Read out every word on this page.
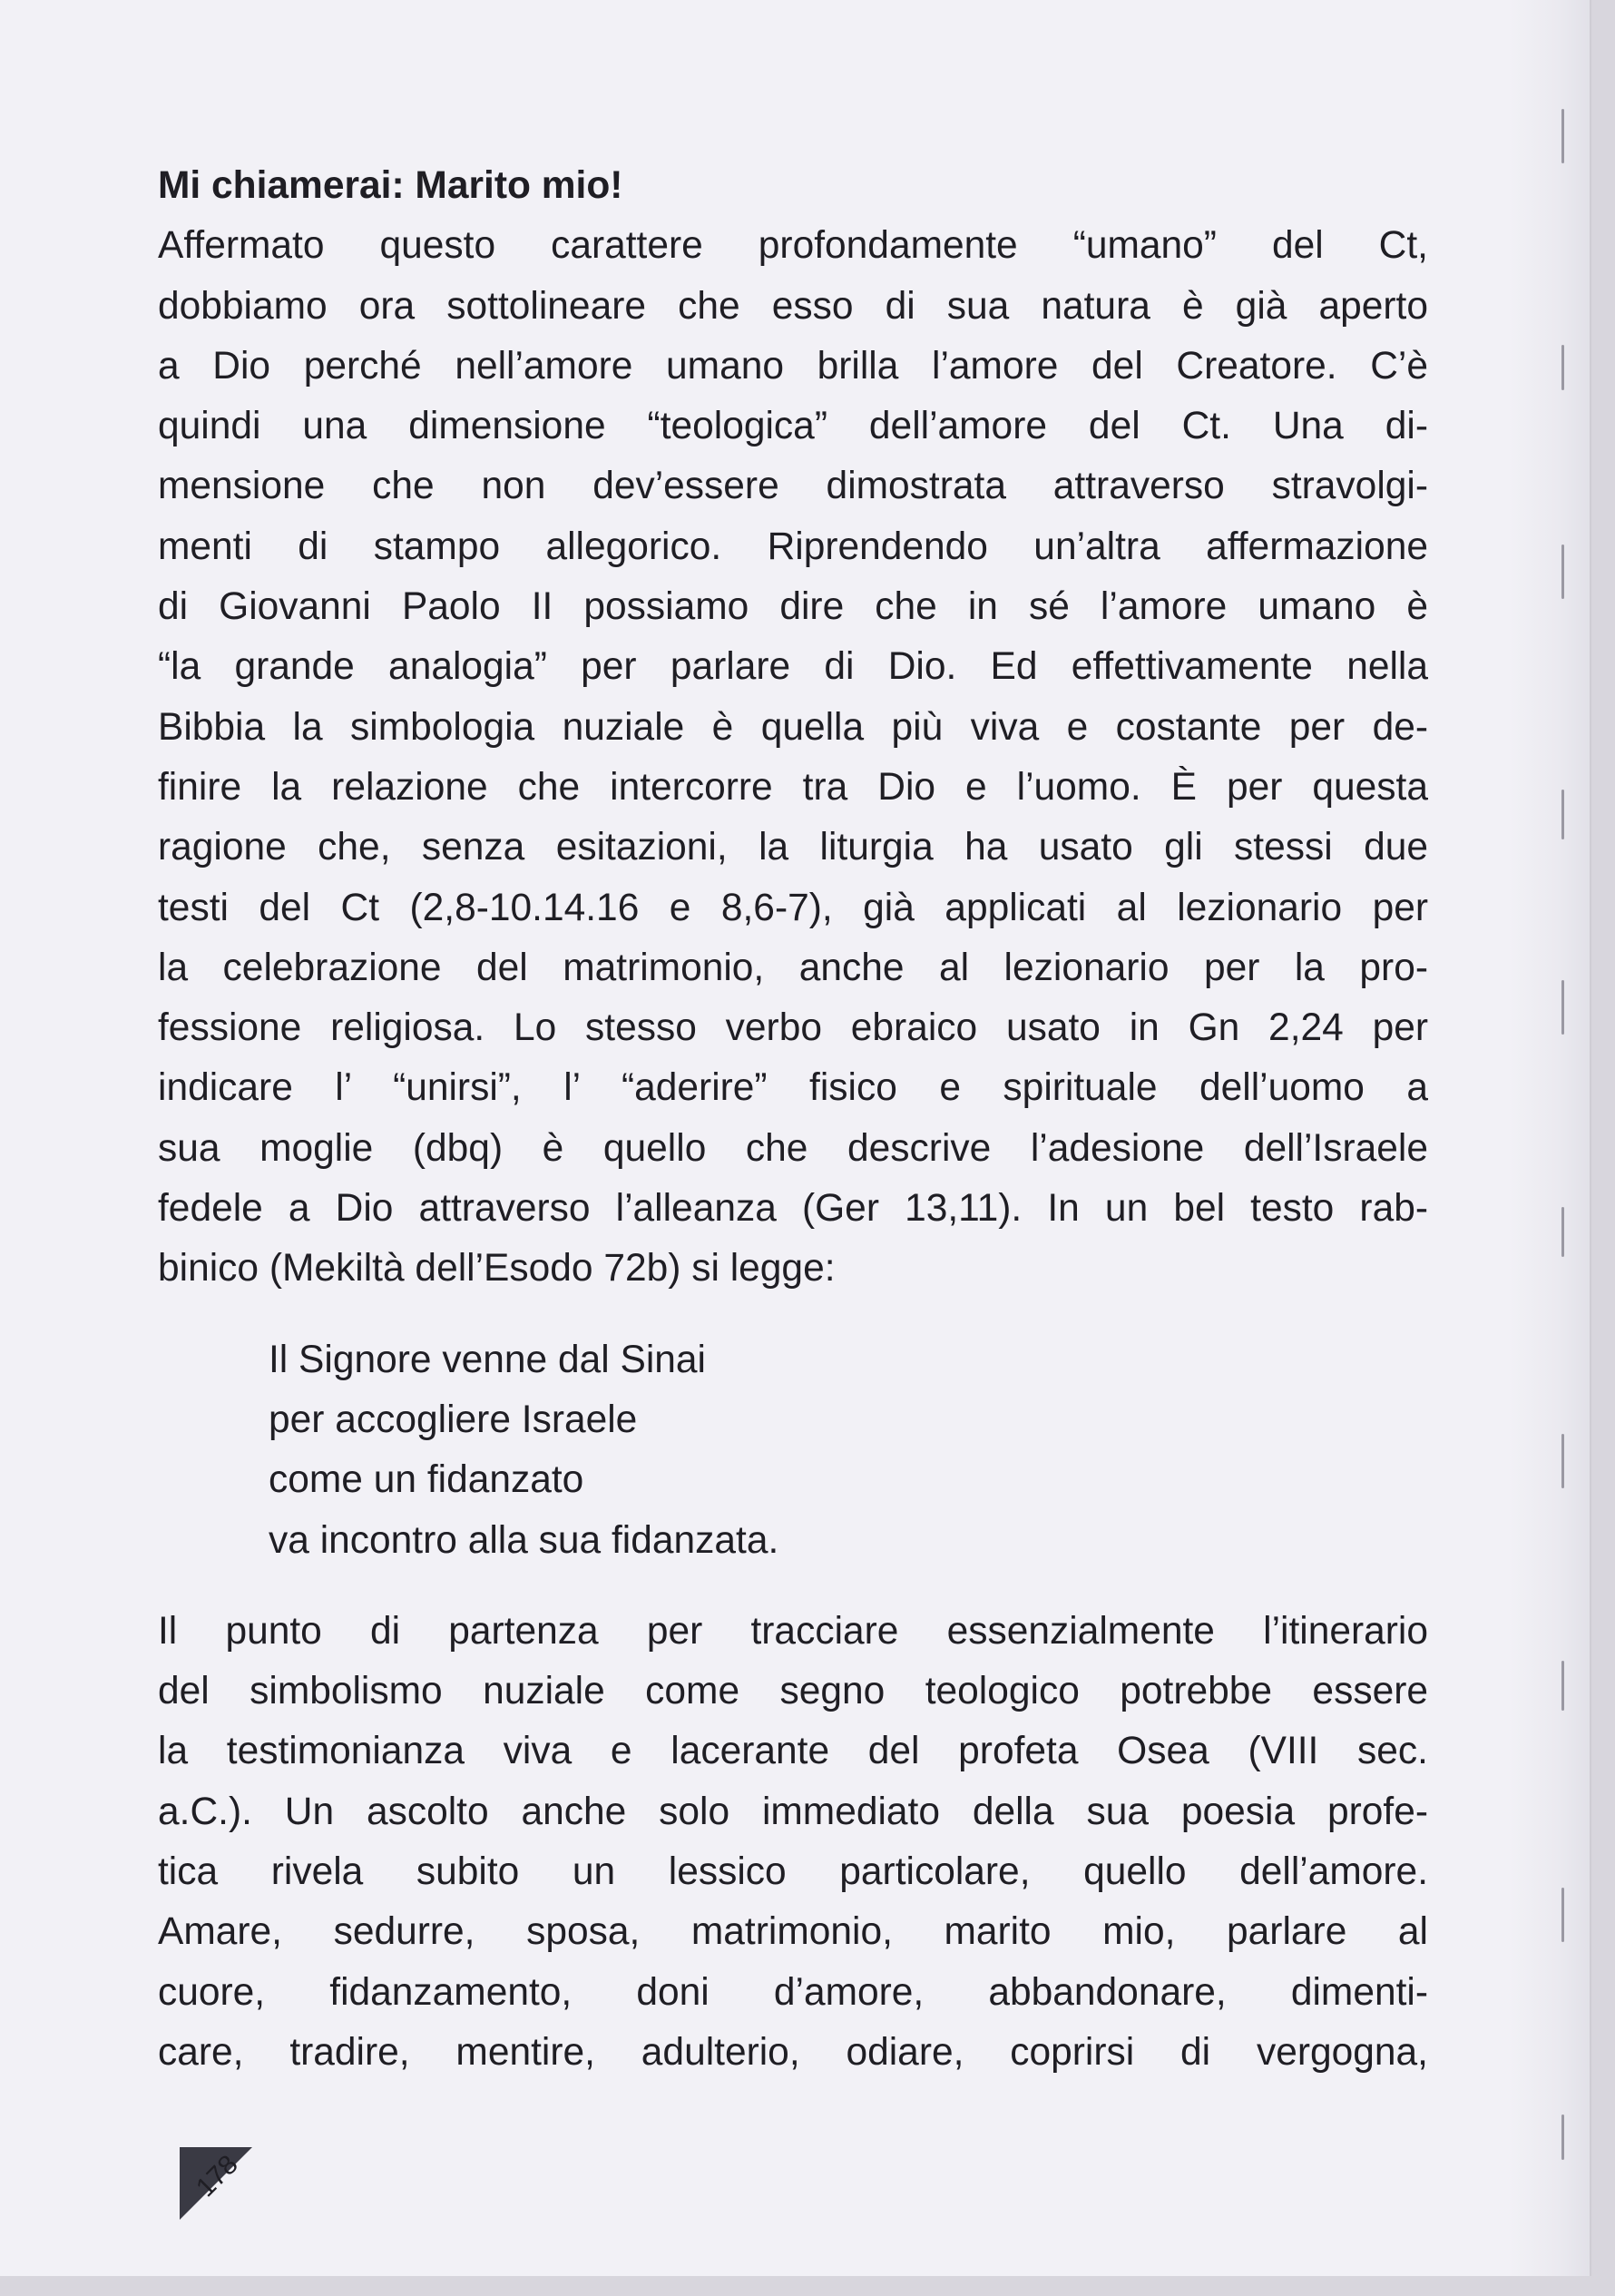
Mi chiamerai: Marito mio!

Affermato questo carattere profondamente “umano” del Ct,
dobbiamo ora sottolineare che esso di sua natura è già aperto
a Dio perché nell’amore umano brilla l’amore del Creatore. C’è
quindi una dimensione “teologica” dell’amore del Ct. Una di-
mensione che non dev’essere dimostrata attraverso stravolgi-
menti di stampo allegorico. Riprendendo un’altra affermazione
di Giovanni Paolo II possiamo dire che in sé l’amore umano è
“la grande analogia” per parlare di Dio. Ed effettivamente nella
Bibbia la simbologia nuziale è quella più viva e costante per de-
finire la relazione che intercorre tra Dio e l’uomo. È per questa
ragione che, senza esitazioni, la liturgia ha usato gli stessi due
testi del Ct (2,8-10.14.16 e 8,6-7), già applicati al lezionario per
la celebrazione del matrimonio, anche al lezionario per la pro-
fessione religiosa. Lo stesso verbo ebraico usato in Gn 2,24 per
indicare l’ “unirsi”, l’ “aderire” fisico e spirituale dell’uomo a
sua moglie (dbq) è quello che descrive l’adesione dell’Israele
fedele a Dio attraverso l’alleanza (Ger 13,11). In un bel testo rab-
binico (Mekiltà dell’Esodo 72b) si legge:

Il Signore venne dal Sinai
per accogliere Israele
come un fidanzato
va incontro alla sua fidanzata.

Il punto di partenza per tracciare essenzialmente l’itinerario
del simbolismo nuziale come segno teologico potrebbe essere
la testimonianza viva e lacerante del profeta Osea (VIII sec.
a.C.). Un ascolto anche solo immediato della sua poesia profe-
tica rivela subito un lessico particolare, quello dell’amore.
Amare, sedurre, sposa, matrimonio, marito mio, parlare al
cuore, fidanzamento, doni d’amore, abbandonare, dimenti-
care, tradire, mentire, adulterio, odiare, coprirsi di vergogna,

178
